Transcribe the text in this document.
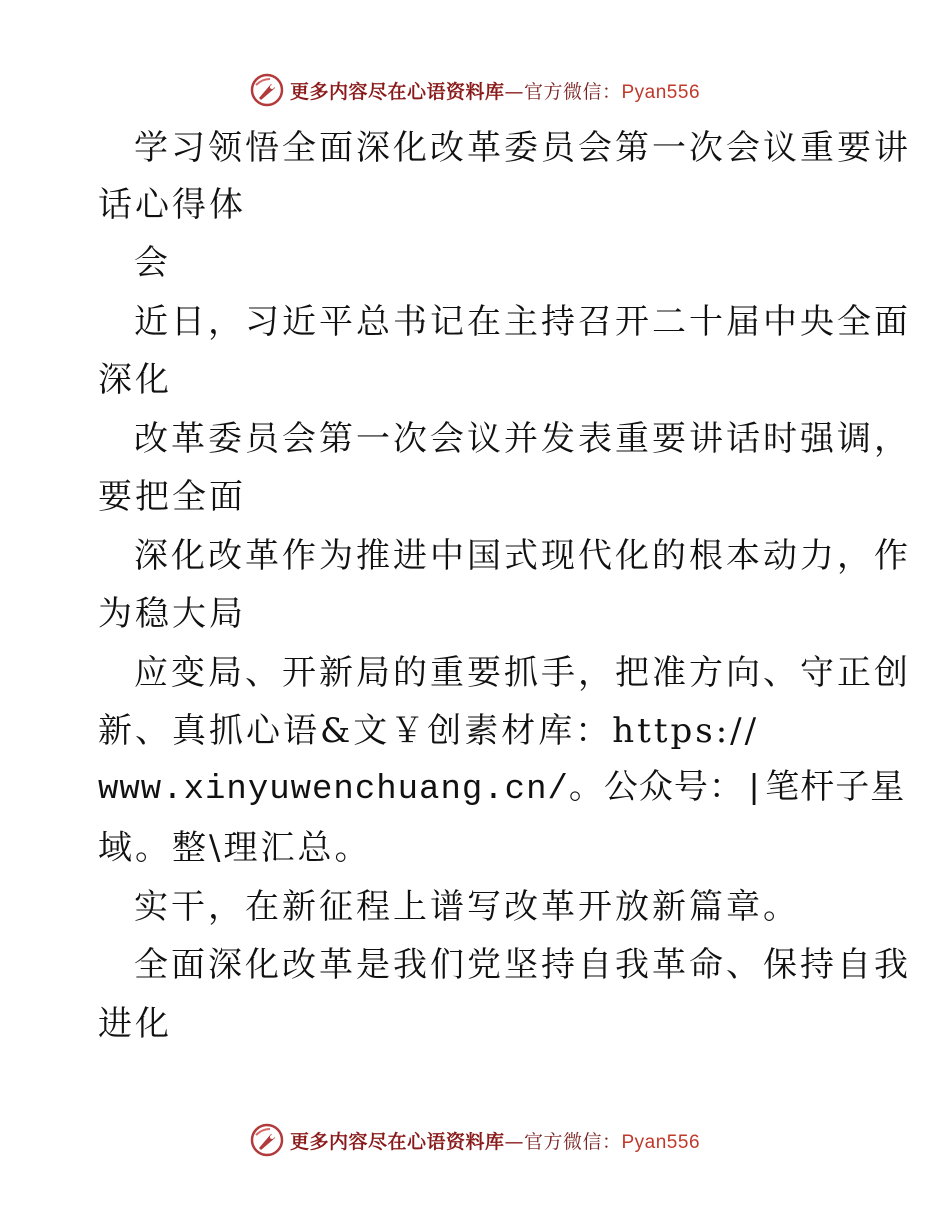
更多内容尽在心语资料库—官方微信：Pyan556
学习领悟全面深化改革委员会第一次会议重要讲
话心得体
会
近日，习近平总书记在主持召开二十届中央全面
深化
改革委员会第一次会议并发表重要讲话时强调，
要把全面
深化改革作为推进中国式现代化的根本动力，作
为稳大局
应变局、开新局的重要抓手，把准方向、守正创
新、真抓心语&文￥创素材库：https://
www.xinyuwenchuang.cn/。公众号：|笔杆子星
域。整\理汇总。
实干，在新征程上谱写改革开放新篇章。
全面深化改革是我们党坚持自我革命、保持自我
进化
更多内容尽在心语资料库—官方微信：Pyan556
